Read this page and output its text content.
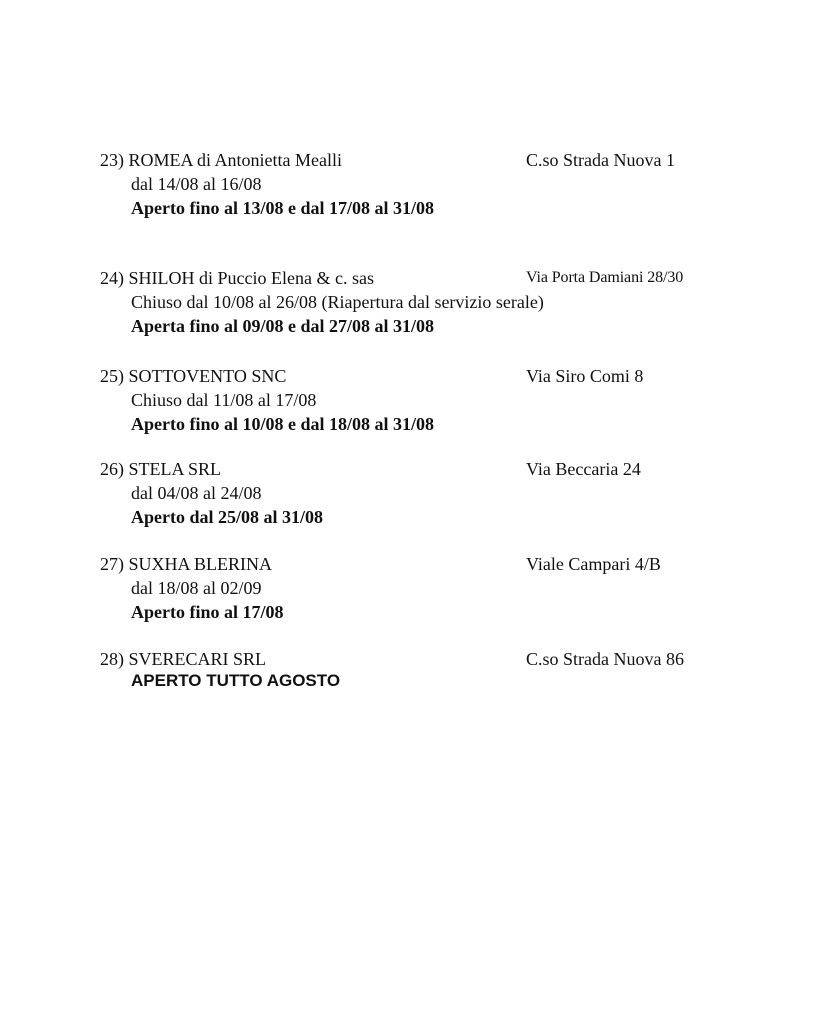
23) ROMEA di Antonietta Mealli	C.so Strada Nuova 1
dal 14/08 al 16/08
Aperto fino al 13/08 e dal 17/08 al 31/08
24) SHILOH di Puccio Elena & c. sas	Via Porta Damiani 28/30
Chiuso dal 10/08 al 26/08 (Riapertura dal servizio serale)
Aperta fino al 09/08 e dal 27/08 al 31/08
25) SOTTOVENTO SNC	Via Siro Comi 8
Chiuso dal 11/08 al 17/08
Aperto fino al 10/08 e dal 18/08 al 31/08
26) STELA SRL	Via Beccaria 24
dal 04/08 al 24/08
Aperto dal 25/08 al 31/08
27) SUXHA BLERINA	Viale Campari 4/B
dal 18/08 al 02/09
Aperto fino al 17/08
28) SVERECARI SRL	C.so Strada Nuova 86
APERTO TUTTO AGOSTO
